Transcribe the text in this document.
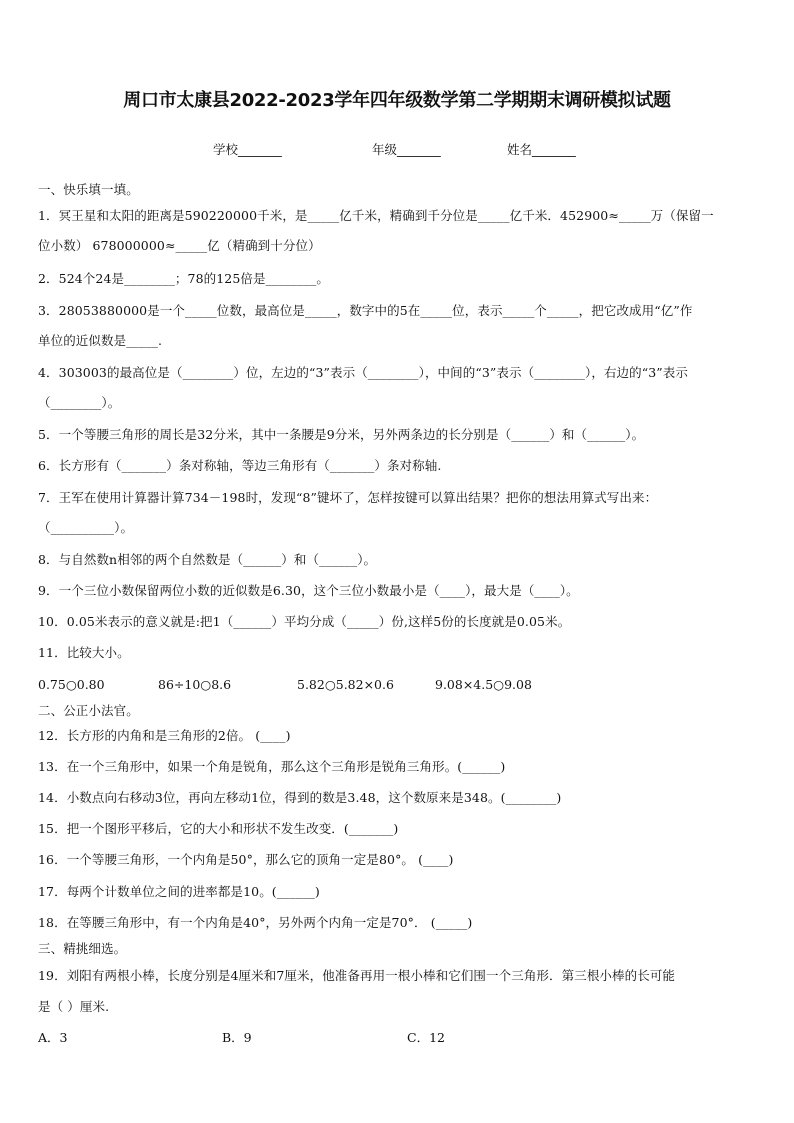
周口市太康县2022-2023学年四年级数学第二学期期末调研模拟试题
学校_______	年级_______	姓名_______
一、快乐填一填。
1．冥王星和太阳的距离是590220000千米，是_____亿千米，精确到千分位是_____亿千米．452900≈_____万（保留一
位小数） 678000000≈_____亿（精确到十分位）
2．524个24是________；78的125倍是________。
3．28053880000是一个_____位数，最高位是_____，数字中的5在_____位，表示_____个_____，把它改成用“亿”作
单位的近似数是_____.
4．303003的最高位是（________）位，左边的“3”表示（________），中间的“3”表示（________），右边的“3”表示
（________）。
5．一个等腰三角形的周长是32分米，其中一条腰是9分米，另外两条边的长分别是（______）和（______）。
6．长方形有（_______）条对称轴，等边三角形有（_______）条对称轴.
7．王军在使用计算器计算734－198时，发现“8”键坏了，怎样按键可以算出结果？把你的想法用算式写出来：
（__________）。
8．与自然数n相邻的两个自然数是（______）和（______）。
9．一个三位小数保留两位小数的近似数是6.30，这个三位小数最小是（____），最大是（____）。
10．0.05米表示的意义就是:把1（______）平均分成（_____）份,这样5份的长度就是0.05米。
11．比较大小。
0.75○0.80	86÷10○8.6	5.82○5.82×0.6	9.08×4.5○9.08
二、公正小法官。
12．长方形的内角和是三角形的2倍。 (____)
13．在一个三角形中，如果一个角是锐角，那么这个三角形是锐角三角形。(______)
14．小数点向右移动3位，再向左移动1位，得到的数是3.48，这个数原来是348。(________)
15．把一个图形平移后，它的大小和形状不发生改变．(_______)
16．一个等腰三角形，一个内角是50°，那么它的顶角一定是80°。 (____)
17．每两个计数单位之间的进率都是10。(______)
18．在等腰三角形中，有一个内角是40°，另外两个内角一定是70°． (_____)
三、精挑细选。
19．刘阳有两根小棒，长度分别是4厘米和7厘米，他准备再用一根小棒和它们围一个三角形．第三根小棒的长可能
是（ ）厘米.
A．3	B．9	C．12
